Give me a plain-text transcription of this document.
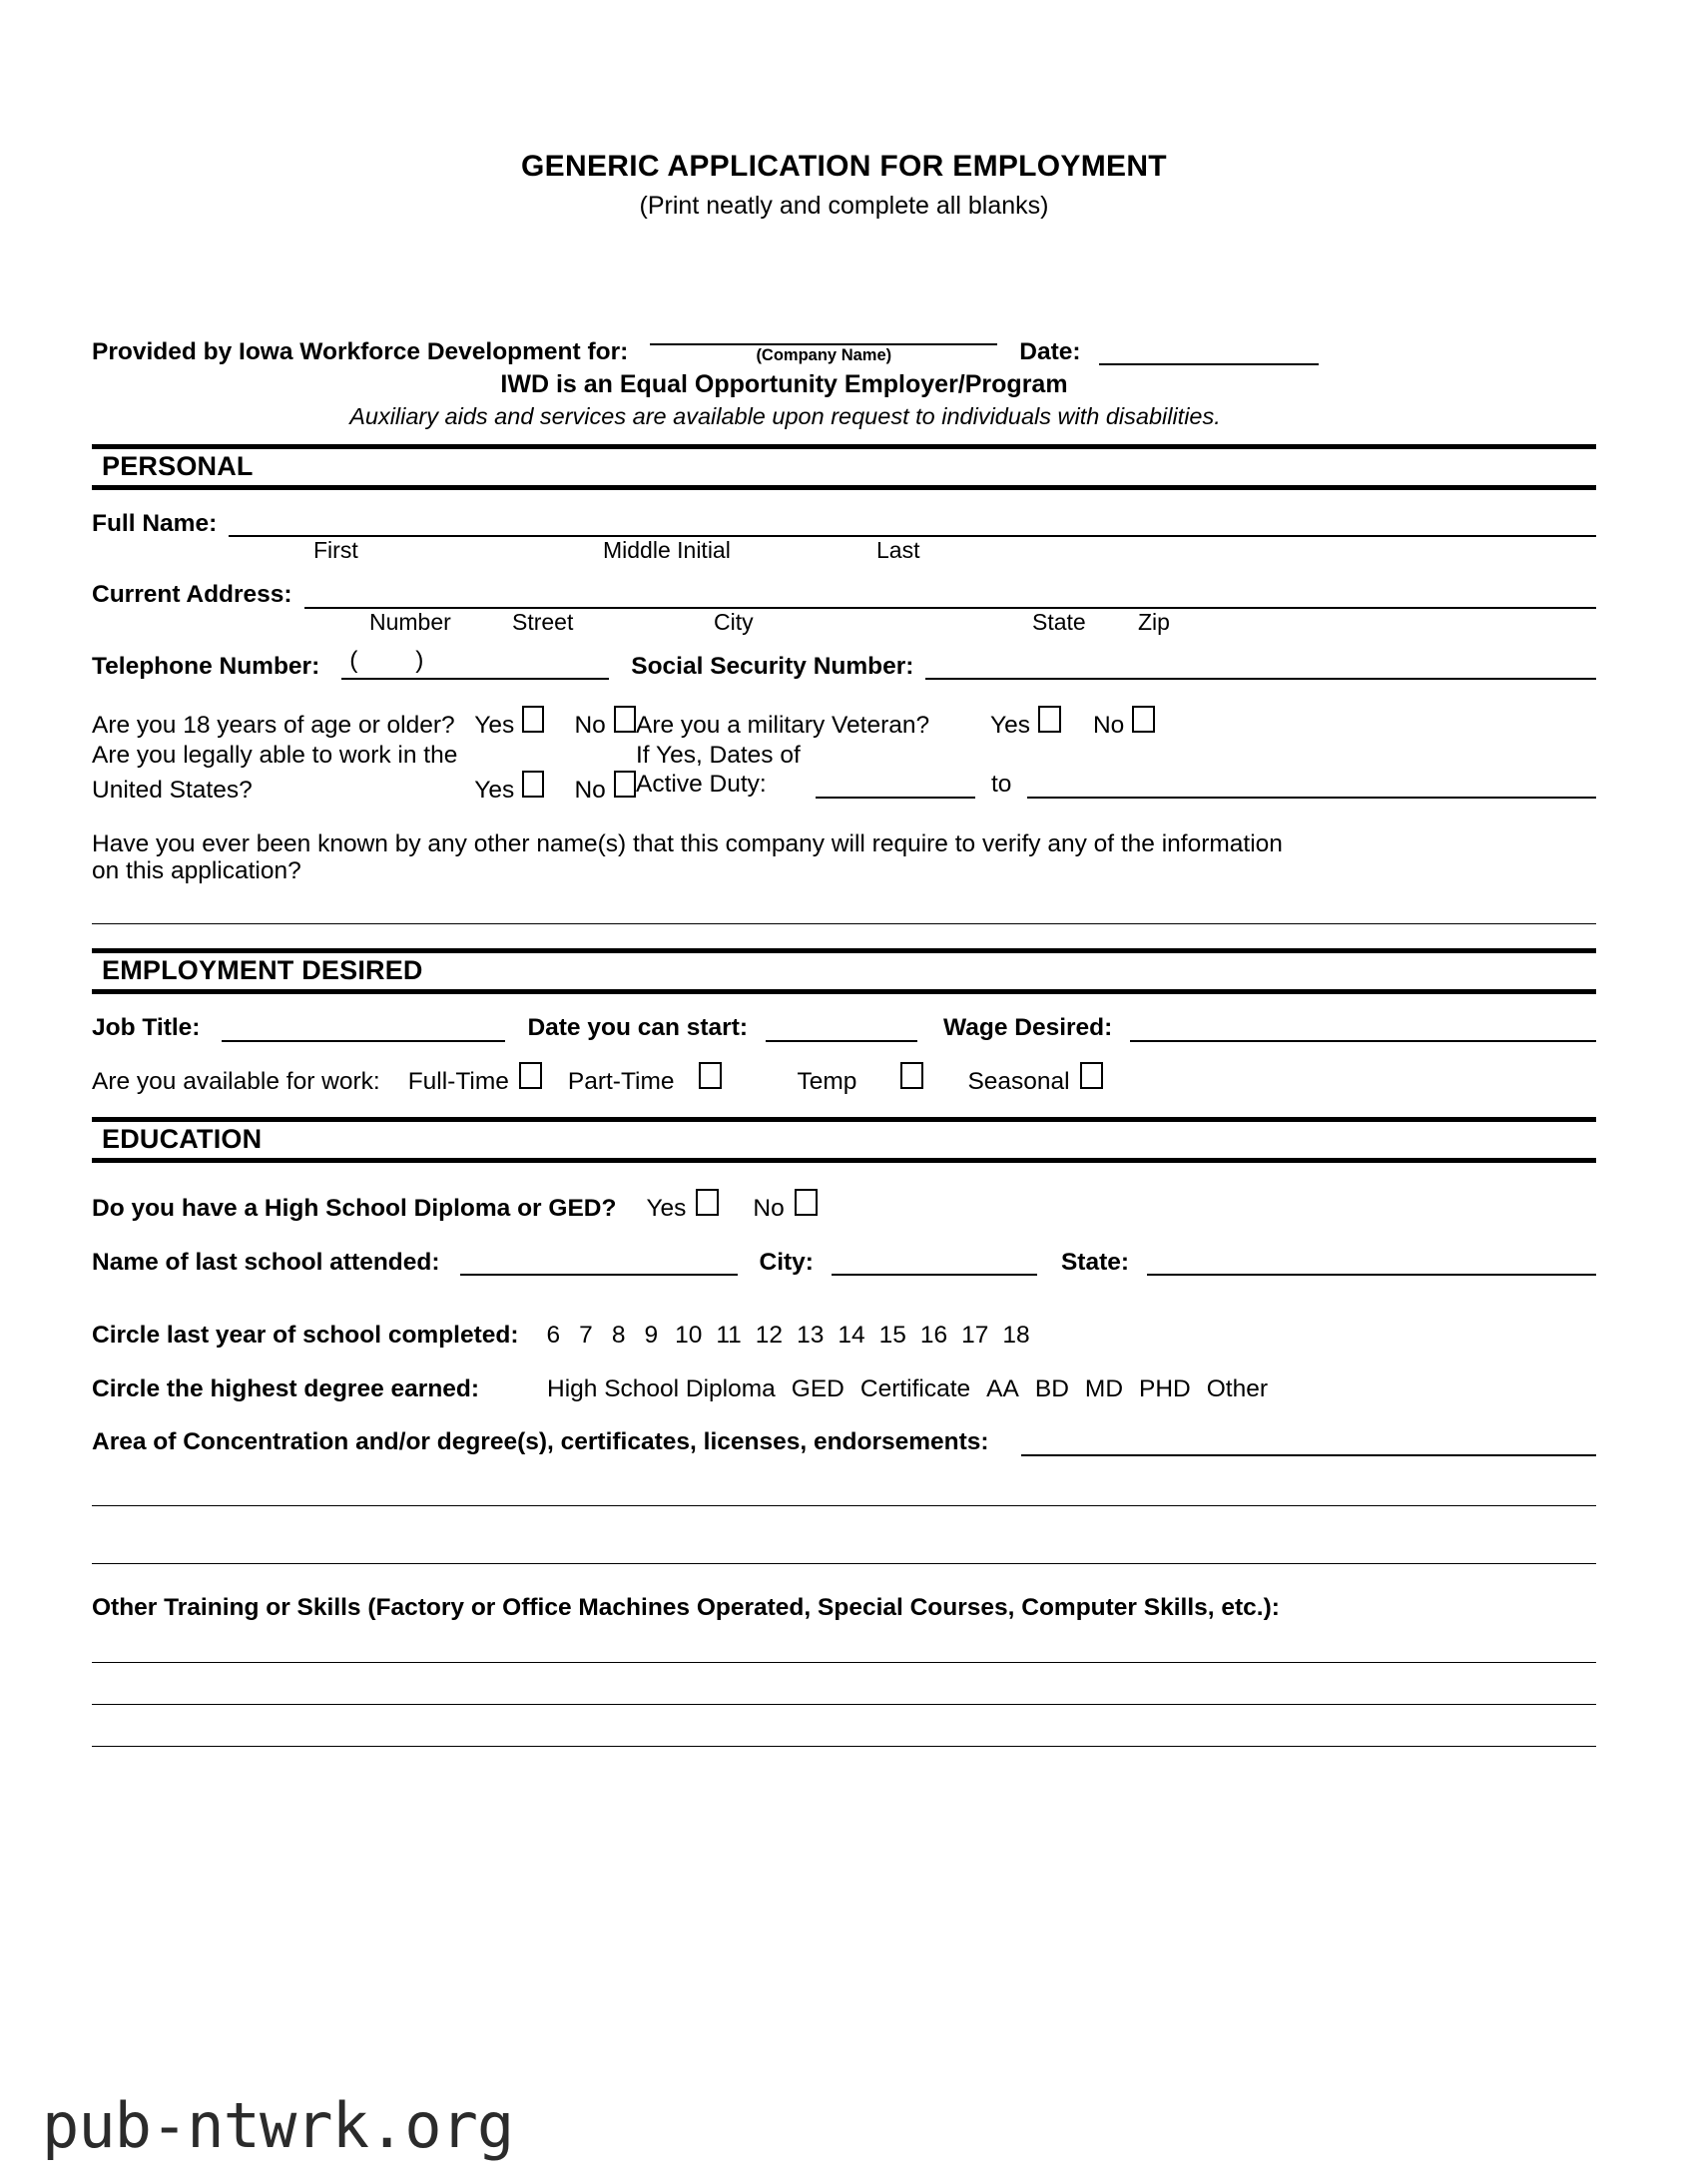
GENERIC APPLICATION FOR EMPLOYMENT
(Print neatly and complete all blanks)
Provided by Iowa Workforce Development for:	(Company Name)	Date:
IWD is an Equal Opportunity Employer/Program
Auxiliary aids and services are available upon request to individuals with disabilities.
PERSONAL
Full Name:
First	Middle Initial	Last
Current Address:
Number	Street	City	State Zip
Telephone Number: ( )	Social Security Number:
Are you 18 years of age or older? Yes No
Are you legally able to work in the
United States?	Yes No
Are you a military Veteran?	Yes	No
If Yes, Dates of
Active Duty:	to
Have you ever been known by any other name(s) that this company will require to verify any of the information
on this application?
EMPLOYMENT DESIRED
Job Title:	Date you can start:	Wage Desired:
Are you available for work: Full-Time Part-Time	Temp	Seasonal
EDUCATION
Do you have a High School Diploma or GED? Yes	No
Name of last school attended:	City:	State:
Circle last year of school completed: 6 7 8 9 10 11 12 13 14 15 16 17 18
Circle the highest degree earned:	High School Diploma GED Certificate AA BD MD PHD Other
Area of Concentration and/or degree(s), certificates, licenses, endorsements:
Other Training or Skills (Factory or Office Machines Operated, Special Courses, Computer Skills, etc.):
pub-ntwrk.org
